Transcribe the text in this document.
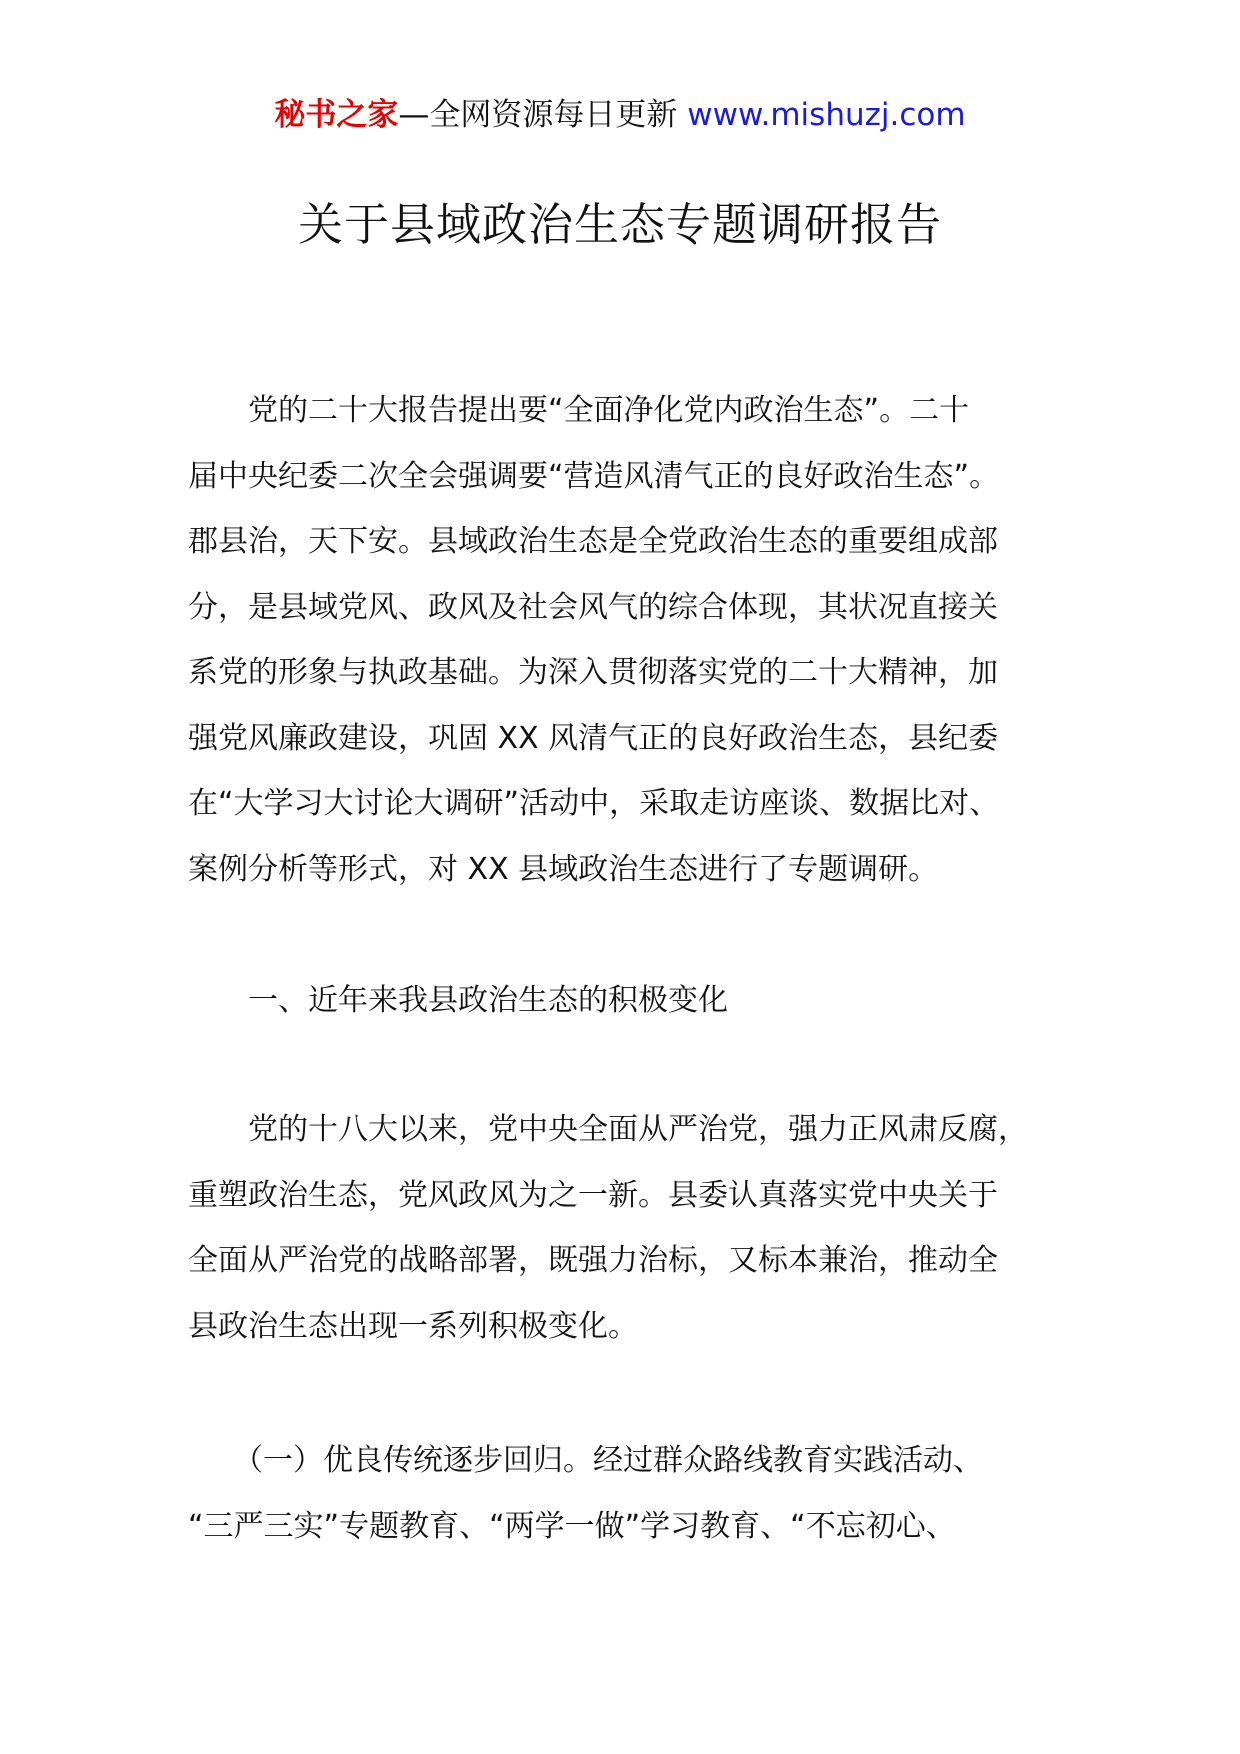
秘书之家—全网资源每日更新 www.mishuzj.com
关于县域政治生态专题调研报告
　　党的二十大报告提出要“全面净化党内政治生态”。二十
届中央纪委二次全会强调要“营造风清气正的良好政治生态”。
郡县治，天下安。县域政治生态是全党政治生态的重要组成部
分，是县域党风、政风及社会风气的综合体现，其状况直接关
系党的形象与执政基础。为深入贯彻落实党的二十大精神，加
强党风廉政建设，巩固 XX 风清气正的良好政治生态，县纪委
在“大学习大讨论大调研”活动中，采取走访座谈、数据比对、
案例分析等形式，对 XX 县域政治生态进行了专题调研。
　　一、近年来我县政治生态的积极变化
　　党的十八大以来，党中央全面从严治党，强力正风肃反腐，
重塑政治生态，党风政风为之一新。县委认真落实党中央关于
全面从严治党的战略部署，既强力治标，又标本兼治，推动全
县政治生态出现一系列积极变化。
　　（一）优良传统逐步回归。经过群众路线教育实践活动、
“三严三实”专题教育、“两学一做”学习教育、“不忘初心、
